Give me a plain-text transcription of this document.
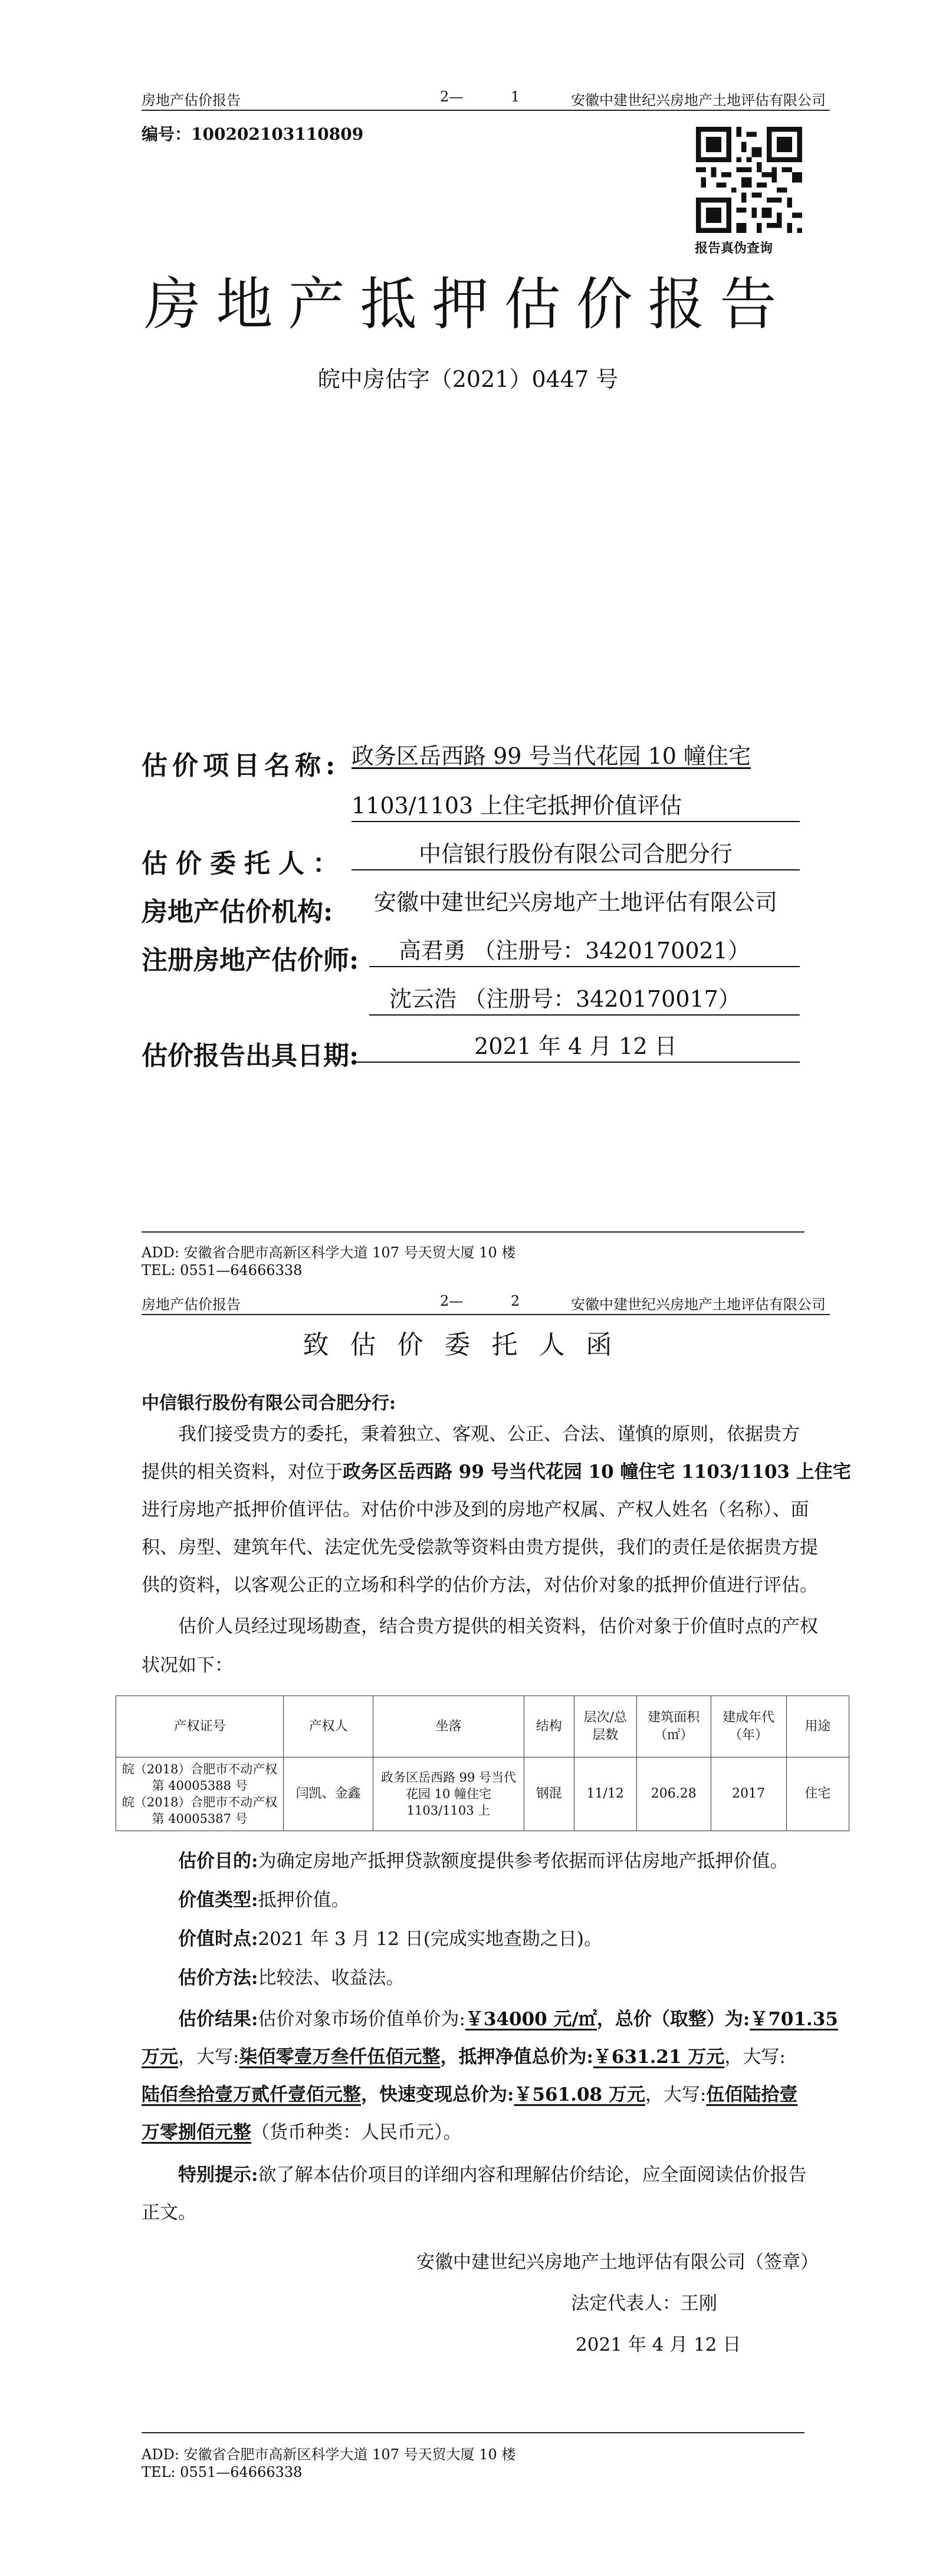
房地产估价报告	2—	1	安徽中建世纪兴房地产土地评估有限公司
编号：100202103110809
报告真伪查询
房地产抵押估价报告
皖中房估字（2021）0447 号
估价项目名称: 政务区岳西路 99 号当代花园 10 幢住宅
1103/1103 上住宅抵押价值评估
估价委托人：	中信银行股份有限公司合肥分行
房地产估价机构:	安徽中建世纪兴房地产土地评估有限公司
注册房地产估价师:	高君勇 （注册号：3420170021）
沈云浩 （注册号：3420170017）
估价报告出具日期:	2021 年 4 月 12 日
ADD: 安徽省合肥市高新区科学大道 107 号天贸大厦 10 楼
TEL: 0551—64666338
房地产估价报告	2—	2	安徽中建世纪兴房地产土地评估有限公司
致估价委托人函
中信银行股份有限公司合肥分行:
我们接受贵方的委托，秉着独立、客观、公正、合法、谨慎的原则，依据贵方
提供的相关资料，对位于政务区岳西路 99 号当代花园 10 幢住宅 1103/1103 上住宅
进行房地产抵押价值评估。对估价中涉及到的房地产权属、产权人姓名（名称）、面
积、房型、建筑年代、法定优先受偿款等资料由贵方提供，我们的责任是依据贵方提
供的资料，以客观公正的立场和科学的估价方法，对估价对象的抵押价值进行评估。
估价人员经过现场勘查，结合贵方提供的相关资料，估价对象于价值时点的产权
状况如下：
产权证号	产权人	坐落	结构	层次/总层数	建筑面积（㎡）	建成年代（年）	用途
皖（2018）合肥市不动产权第 40005388 号
皖（2018）合肥市不动产权第 40005387 号	闫凯、金鑫	政务区岳西路 99 号当代花园 10 幢住宅 1103/1103 上	钢混	11/12	206.28	2017	住宅
估价目的:为确定房地产抵押贷款额度提供参考依据而评估房地产抵押价值。
价值类型:抵押价值。
价值时点:2021 年 3 月 12 日(完成实地查勘之日)。
估价方法:比较法、收益法。
估价结果:估价对象市场价值单价为:￥34000 元/㎡，总价（取整）为:￥701.35
万元，大写:柒佰零壹万叁仟伍佰元整，抵押净值总价为:￥631.21 万元，大写:
陆佰叁拾壹万贰仟壹佰元整，快速变现总价为:￥561.08 万元，大写:伍佰陆拾壹
万零捌佰元整（货币种类：人民币元）。
特别提示:欲了解本估价项目的详细内容和理解估价结论，应全面阅读估价报告
正文。
安徽中建世纪兴房地产土地评估有限公司（签章）
法定代表人：王刚
2021 年 4 月 12 日
ADD: 安徽省合肥市高新区科学大道 107 号天贸大厦 10 楼
TEL: 0551—64666338
